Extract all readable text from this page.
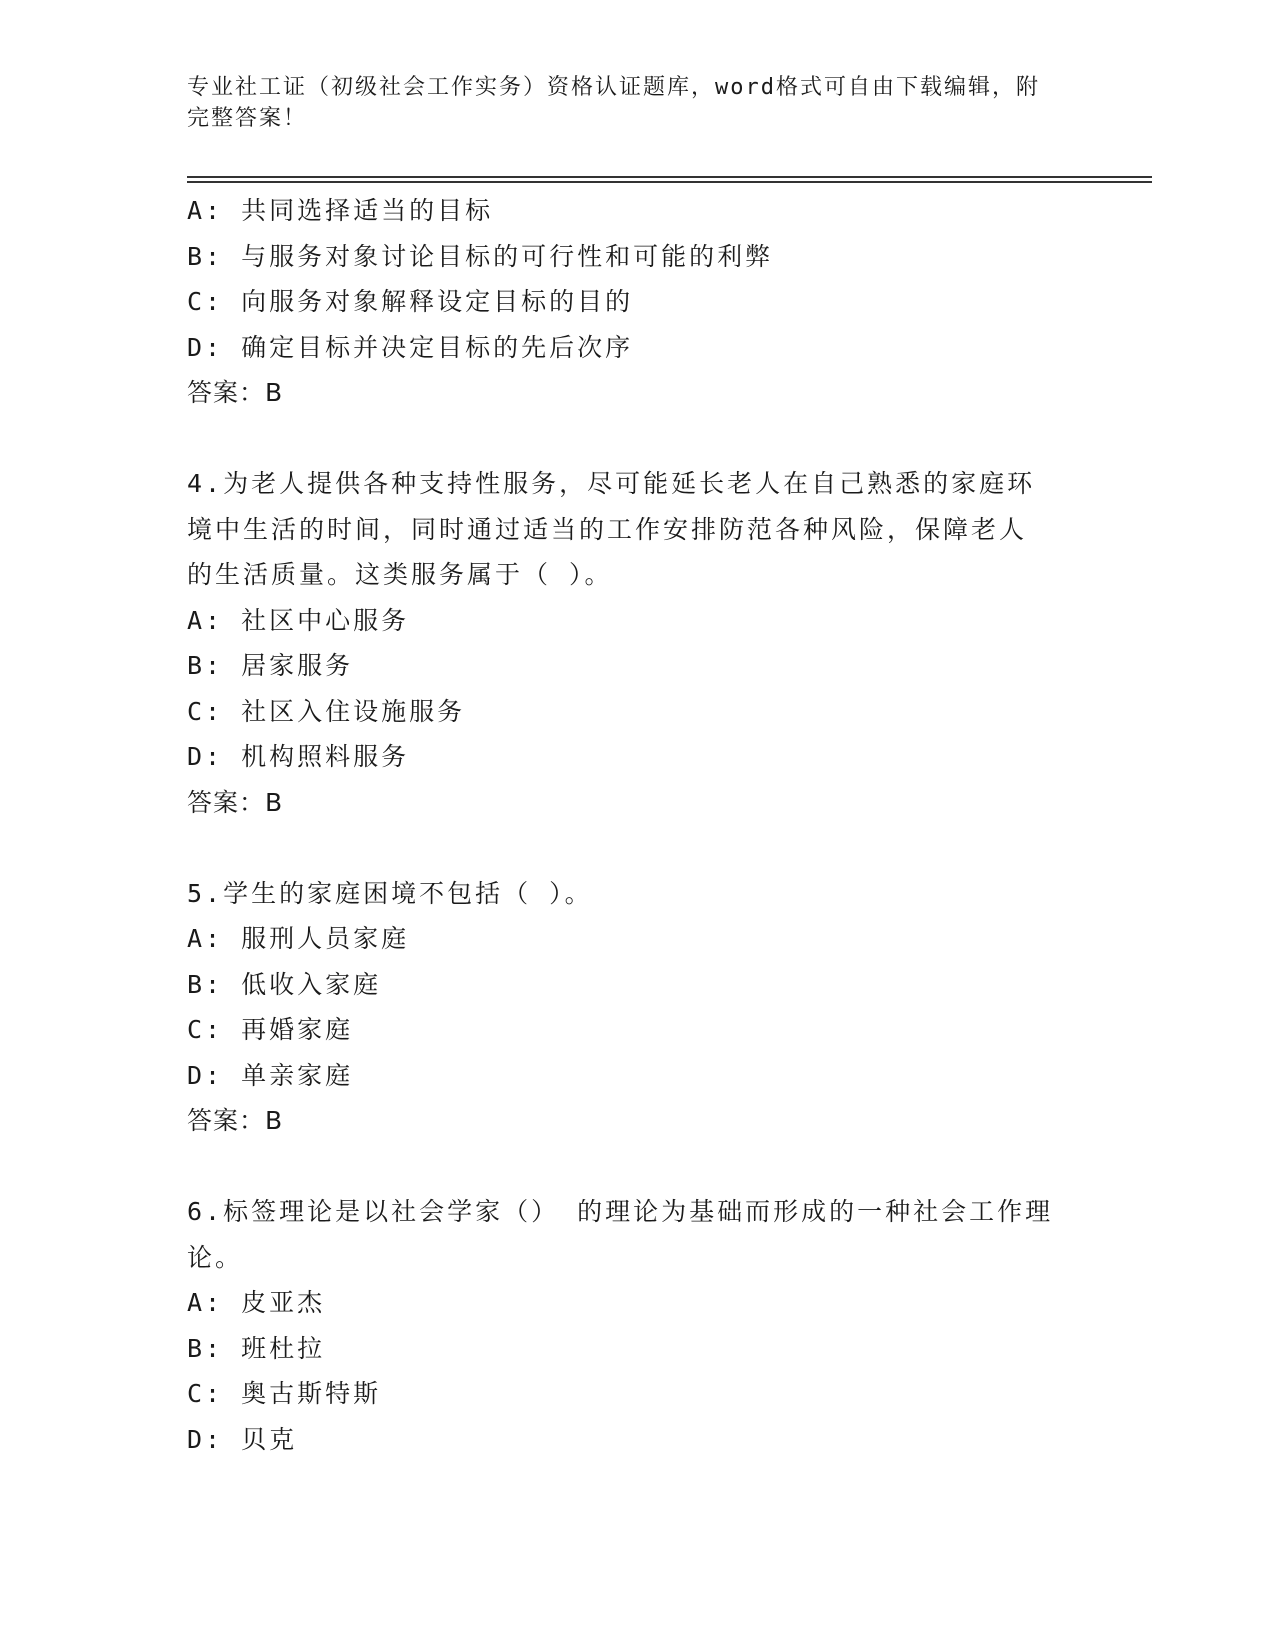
专业社工证（初级社会工作实务）资格认证题库，word格式可自由下载编辑，附
完整答案！
A: 共同选择适当的目标
B: 与服务对象讨论目标的可行性和可能的利弊
C: 向服务对象解释设定目标的目的
D: 确定目标并决定目标的先后次序
答案：B
4.为老人提供各种支持性服务，尽可能延长老人在自己熟悉的家庭环
境中生活的时间，同时通过适当的工作安排防范各种风险，保障老人
的生活质量。这类服务属于（ ）。
A: 社区中心服务
B: 居家服务
C: 社区入住设施服务
D: 机构照料服务
答案：B
5.学生的家庭困境不包括（ ）。
A: 服刑人员家庭
B: 低收入家庭
C: 再婚家庭
D: 单亲家庭
答案：B
6.标签理论是以社会学家（） 的理论为基础而形成的一种社会工作理
论。
A: 皮亚杰
B: 班杜拉
C: 奥古斯特斯
D: 贝克
